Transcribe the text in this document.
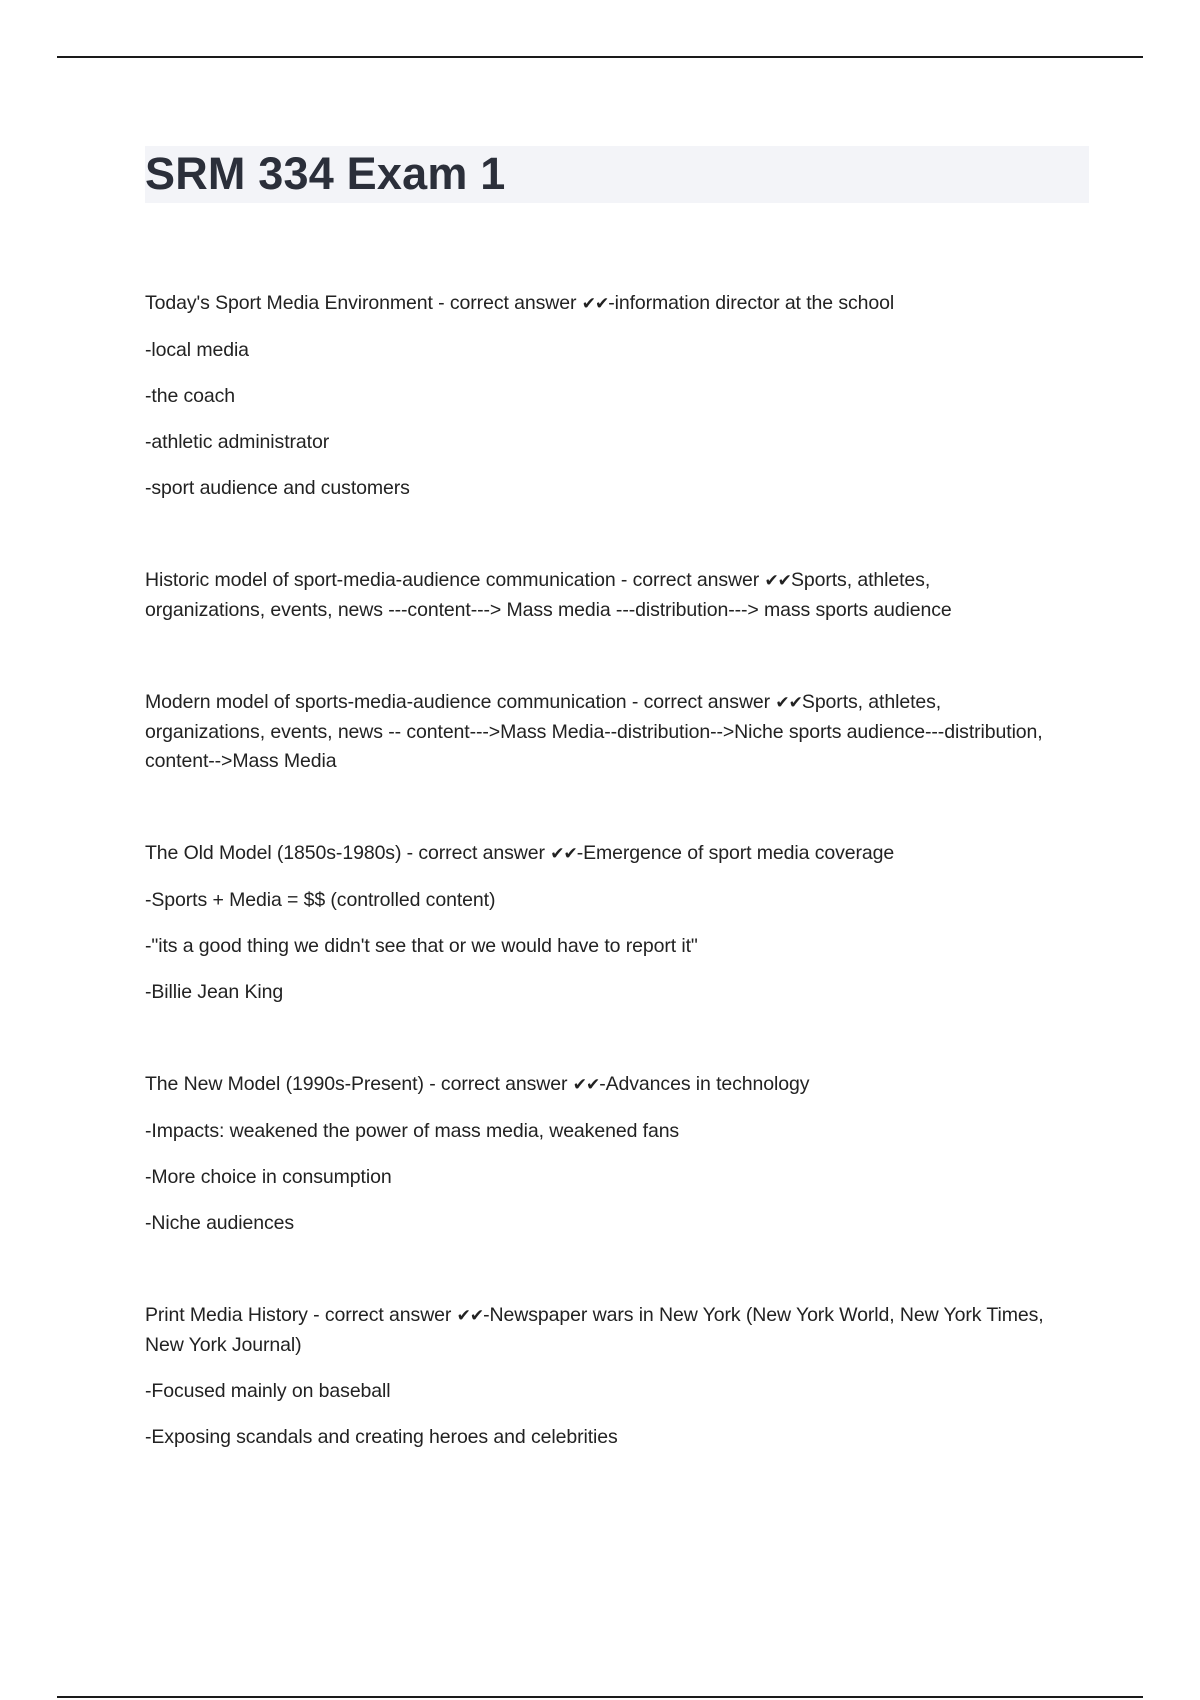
SRM 334 Exam 1

Today's Sport Media Environment - correct answer ✔✔-information director at the school

-local media

-the coach

-athletic administrator

-sport audience and customers

Historic model of sport-media-audience communication - correct answer ✔✔Sports, athletes, organizations, events, news ---content---> Mass media ---distribution---> mass sports audience

Modern model of sports-media-audience communication - correct answer ✔✔Sports, athletes, organizations, events, news -- content--->Mass Media--distribution-->Niche sports audience---distribution, content-->Mass Media

The Old Model (1850s-1980s) - correct answer ✔✔-Emergence of sport media coverage

-Sports + Media = $$ (controlled content)

-"its a good thing we didn't see that or we would have to report it"

-Billie Jean King

The New Model (1990s-Present) - correct answer ✔✔-Advances in technology

-Impacts: weakened the power of mass media, weakened fans

-More choice in consumption

-Niche audiences

Print Media History - correct answer ✔✔-Newspaper wars in New York (New York World, New York Times, New York Journal)

-Focused mainly on baseball

-Exposing scandals and creating heroes and celebrities
